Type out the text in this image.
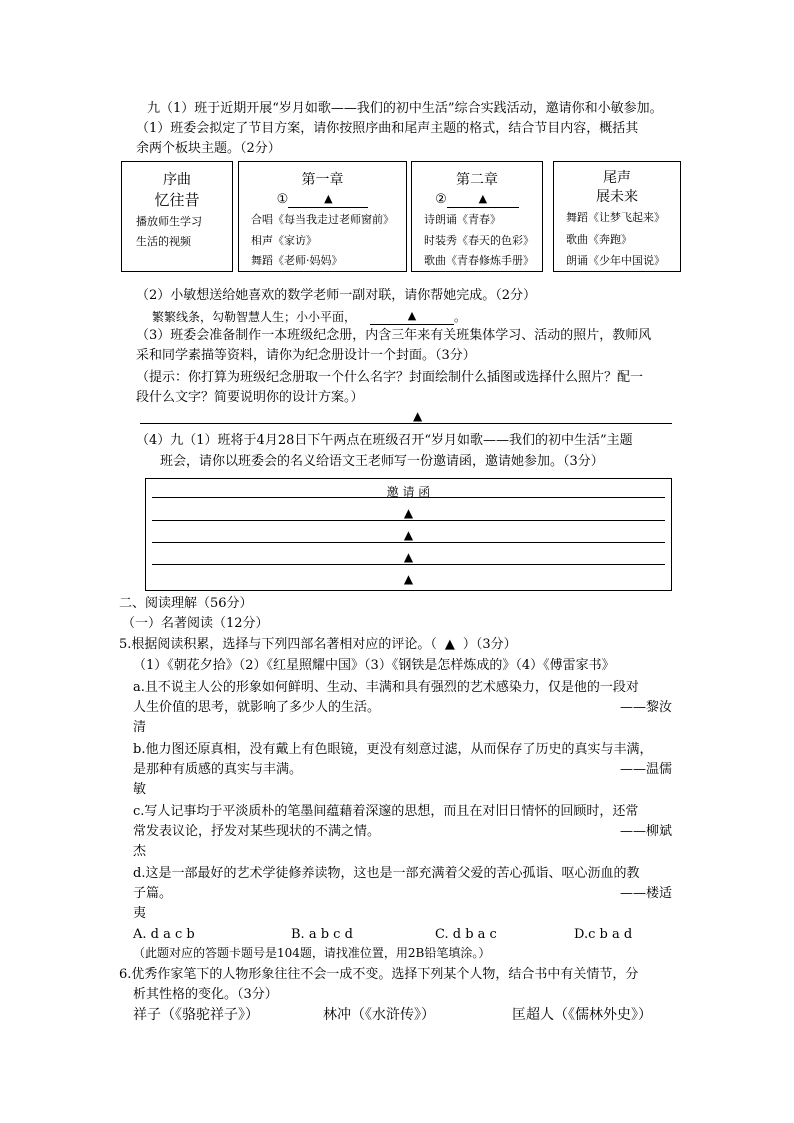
九（1）班于近期开展“岁月如歌——我们的初中生活”综合实践活动，邀请你和小敏参加。
（1）班委会拟定了节目方案，请你按照序曲和尾声主题的格式，结合节目内容，概括其
余两个板块主题。（2分）
序曲
忆往昔
播放师生学习
生活的视频
第一章
①	▲
合唱《每当我走过老师窗前》
相声《家访》
舞蹈《老师·妈妈》
第二章
②	▲
诗朗诵《青春》
时装秀《春天的色彩》
歌曲《青春修炼手册》
尾声
展未来
舞蹈《让梦飞起来》
歌曲《奔跑》
朗诵《少年中国说》
（2）小敏想送给她喜欢的数学老师一副对联，请你帮她完成。（2分）
繁繁线条，勾勒智慧人生；小小平面，	▲	。
（3）班委会准备制作一本班级纪念册，内含三年来有关班集体学习、活动的照片，教师风
采和同学素描等资料，请你为纪念册设计一个封面。（3分）
（提示：你打算为班级纪念册取一个什么名字？封面绘制什么插图或选择什么照片？配一
段什么文字？简要说明你的设计方案。）
▲
（4）九（1）班将于4月28日下午两点在班级召开“岁月如歌——我们的初中生活”主题
班会，请你以班委会的名义给语文王老师写一份邀请函，邀请她参加。（3分）
邀 请 函
▲
▲
▲
▲
二、阅读理解（56分）
（一）名著阅读（12分）
5.根据阅读积累，选择与下列四部名著相对应的评论。（ ▲ ）（3分）
（1）《朝花夕拾》（2）《红星照耀中国》（3）《钢铁是怎样炼成的》（4）《傅雷家书》
a.且不说主人公的形象如何鲜明、生动、丰满和具有强烈的艺术感染力，仅是他的一段对
人生价值的思考，就影响了多少人的生活。	——黎汝
清
b.他力图还原真相，没有戴上有色眼镜，更没有刻意过滤，从而保存了历史的真实与丰满，
是那种有质感的真实与丰满。	——温儒
敏
c.写人记事均于平淡质朴的笔墨间蕴藉着深邃的思想，而且在对旧日情怀的回顾时，还常
常发表议论，抒发对某些现状的不满之情。	——柳斌
杰
d.这是一部最好的艺术学徒修养读物，这也是一部充满着父爱的苦心孤诣、呕心沥血的教
子篇。	——楼适
夷
A. d a c b	B. a b c d	C. d b a c	D.c b a d
（此题对应的答题卡题号是104题，请找准位置，用2B铅笔填涂。）
6.优秀作家笔下的人物形象往往不会一成不变。选择下列某个人物，结合书中有关情节，分
析其性格的变化。（3分）
祥子（《骆驼祥子》）	林冲（《水浒传》）	匡超人（《儒林外史》）
